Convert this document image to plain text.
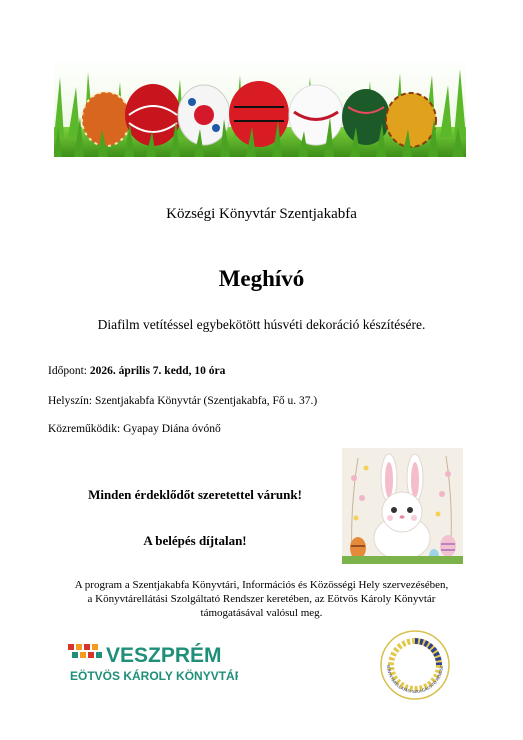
Községi Könyvtár Szentjakabfa
Meghívó
Diafilm vetítéssel egybekötött húsvéti dekoráció készítésére.
Időpont: 2026. április 7. kedd, 10 óra
Helyszín: Szentjakabfa Könyvtár (Szentjakabfa, Fő u. 37.)
Közreműködik: Gyapay Diána óvónő
Minden érdeklődőt szeretettel várunk!
A belépés díjtalan!
A program a Szentjakabfa Könyvtári, Információs és Közösségi Hely szervezésében,
a Könyvtárellátási Szolgáltató Rendszer keretében, az Eötvös Károly Könyvtár
támogatásával valósul meg.
VESZPRÉM
EÖTVÖS KÁROLY KÖNYVTÁR
KÖNYVTÁRELLÁTÁSI SZOLGÁLTATÓ RENDSZ
